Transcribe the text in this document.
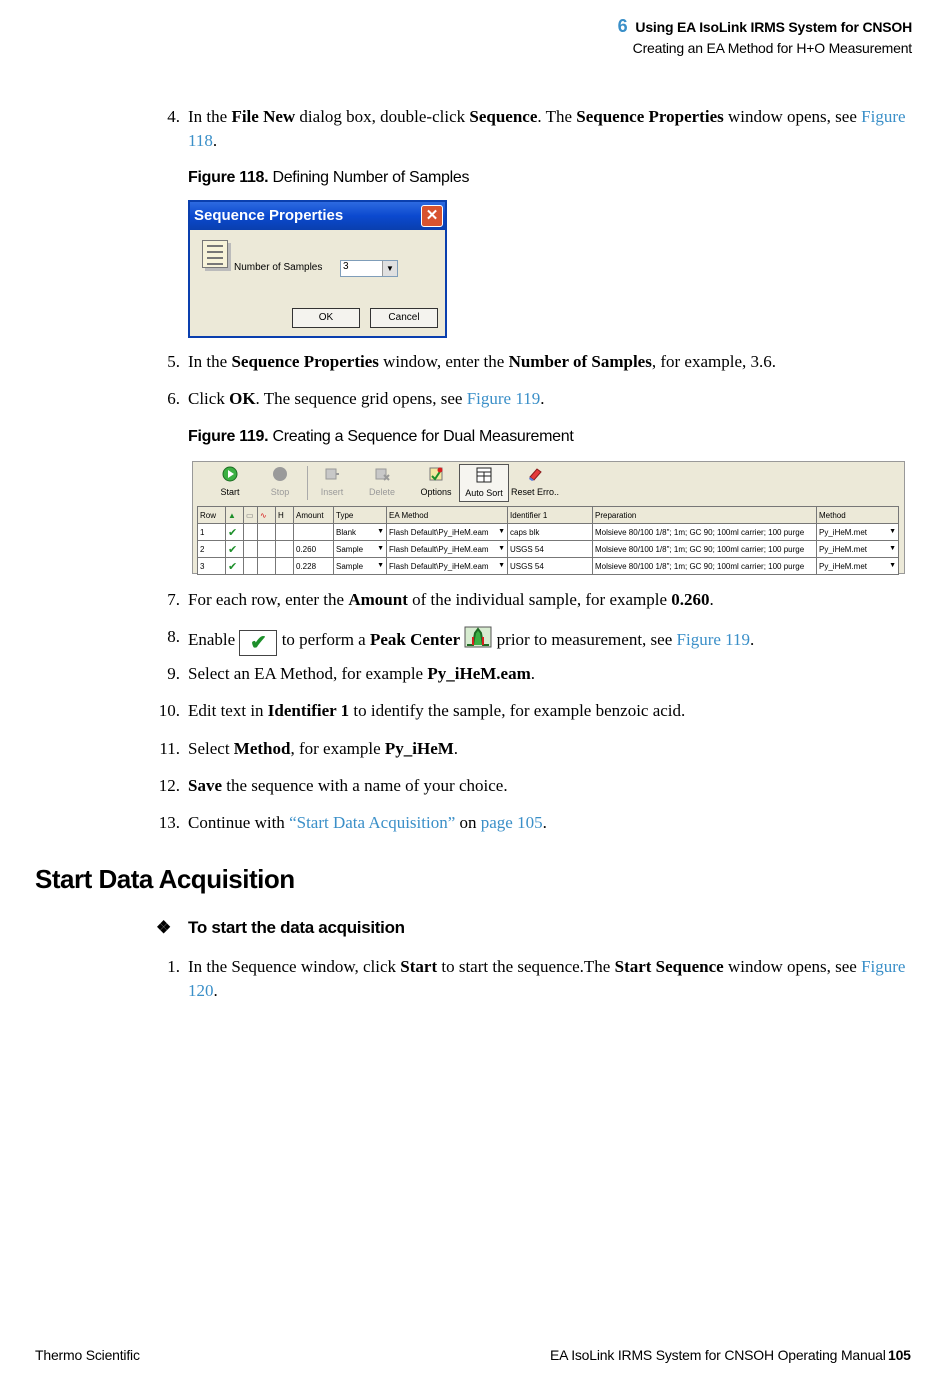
6 Using EA IsoLink IRMS System for CNSOH
Creating an EA Method for H+O Measurement
4. In the File New dialog box, double-click Sequence. The Sequence Properties window opens, see Figure 118.
Figure 118. Defining Number of Samples
Sequence Properties	✕
Number of Samples	3	▼
OK	Cancel
5. In the Sequence Properties window, enter the Number of Samples, for example, 3.6.
6. Click OK. The sequence grid opens, see Figure 119.
Figure 119. Creating a Sequence for Dual Measurement
Start	Stop	Insert	Delete	Options	Auto Sort Reset Erro..
Row	▲	▭	∿	H	Amount	Type	EA Method	Identifier 1	Preparation	Method
1	✔					Blank ▼	Flash Default\Py_iHeM.eam ▼	caps blk	Molsieve 80/100 1/8"; 1m; GC 90; 100ml carrier; 100 purge	Py_iHeM.met ▼

2	✔				0.260	Sample ▼	Flash Default\Py_iHeM.eam ▼	USGS 54	Molsieve 80/100 1/8"; 1m; GC 90; 100ml carrier; 100 purge	Py_iHeM.met ▼

3	✔				0.228	Sample ▼	Flash Default\Py_iHeM.eam ▼	USGS 54	Molsieve 80/100 1/8"; 1m; GC 90; 100ml carrier; 100 purge	Py_iHeM.met ▼
7. For each row, enter the Amount of the individual sample, for example 0.260.
8. Enable ✔ to perform a Peak Center  prior to measurement, see Figure 119.
9. Select an EA Method, for example Py_iHeM.eam.
10. Edit text in Identifier 1 to identify the sample, for example benzoic acid.
11. Select Method, for example Py_iHeM.
12. Save the sequence with a name of your choice.
13. Continue with “Start Data Acquisition” on page 105.
Start Data Acquisition
❖ To start the data acquisition
1. In the Sequence window, click Start to start the sequence.The Start Sequence window opens, see Figure 120.
Thermo Scientific	EA IsoLink IRMS System for CNSOH Operating Manual 105
